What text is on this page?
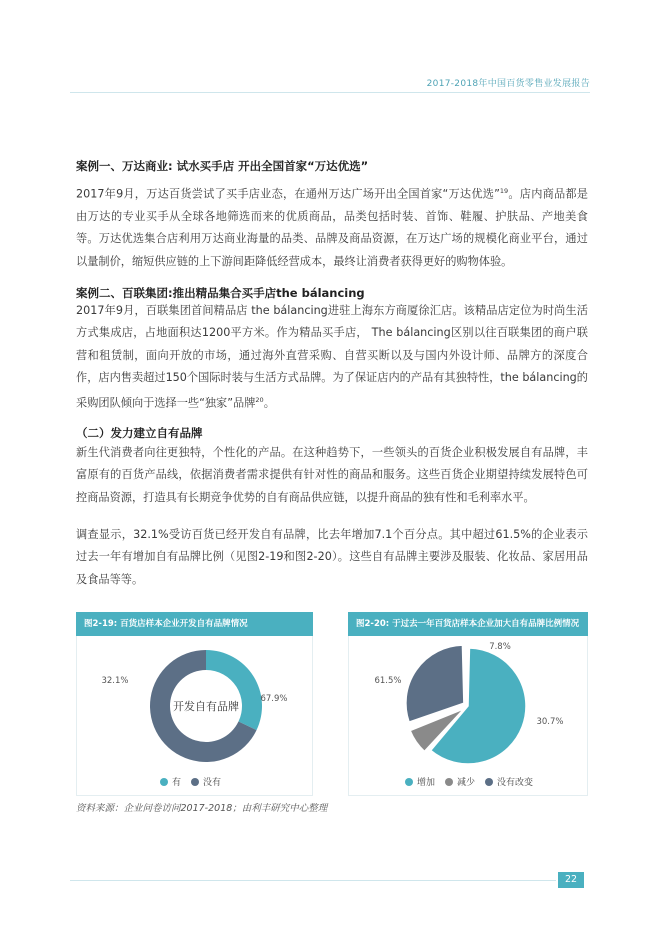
2017-2018年中国百货零售业发展报告
案例一、万达商业: 试水买手店 开出全国首家“万达优选”

2017年9月，万达百货尝试了买手店业态，在通州万达广场开出全国首家“万达优选”$^{19}$。店内商品都是由万达的专业买手从全球各地筛选而来的优质商品，品类包括时装、首饰、鞋履、护肤品、产地美食等。万达优选集合店利用万达商业海量的品类、品牌及商品资源，在万达广场的规模化商业平台，通过以量制价，缩短供应链的上下游间距降低经营成本，最终让消费者获得更好的购物体验。

案例二、百联集团:推出精品集合买手店the bálancing

2017年9月，百联集团首间精品店 the bálancing进驻上海东方商厦徐汇店。该精品店定位为时尚生活方式集成店，占地面积达1200平方米。作为精品买手店， The bálancing区别以往百联集团的商户联营和租赁制，面向开放的市场，通过海外直营采购、自营买断以及与国内外设计师、品牌方的深度合作，店内售卖超过150个国际时装与生活方式品牌。为了保证店内的产品有其独特性，the bálancing的采购团队倾向于选择一些“独家”品牌$^{20}$。

（二）发力建立自有品牌

新生代消费者向往更独特，个性化的产品。在这种趋势下，一些领头的百货企业积极发展自有品牌，丰富原有的百货产品线，依据消费者需求提供有针对性的商品和服务。这些百货企业期望持续发展特色可控商品资源，打造具有长期竞争优势的自有商品供应链，以提升商品的独有性和毛利率水平。

调查显示，32.1%受访百货已经开发自有品牌，比去年增加7.1个百分点。其中超过61.5%的企业表示过去一年有增加自有品牌比例（见图2-19和图2-20）。这些自有品牌主要涉及服装、化妆品、家居用品及食品等等。

图2-19: 百货店样本企业开发自有品牌情况
32.1%
67.9%
开发自有品牌
有 没有
图2-20: 于过去一年百货店样本企业加大自有品牌比例情况
61.5%
7.8%
30.7%
增加 减少 没有改变
资料来源：企业问卷访问2017-2018；由利丰研究中心整理
22
